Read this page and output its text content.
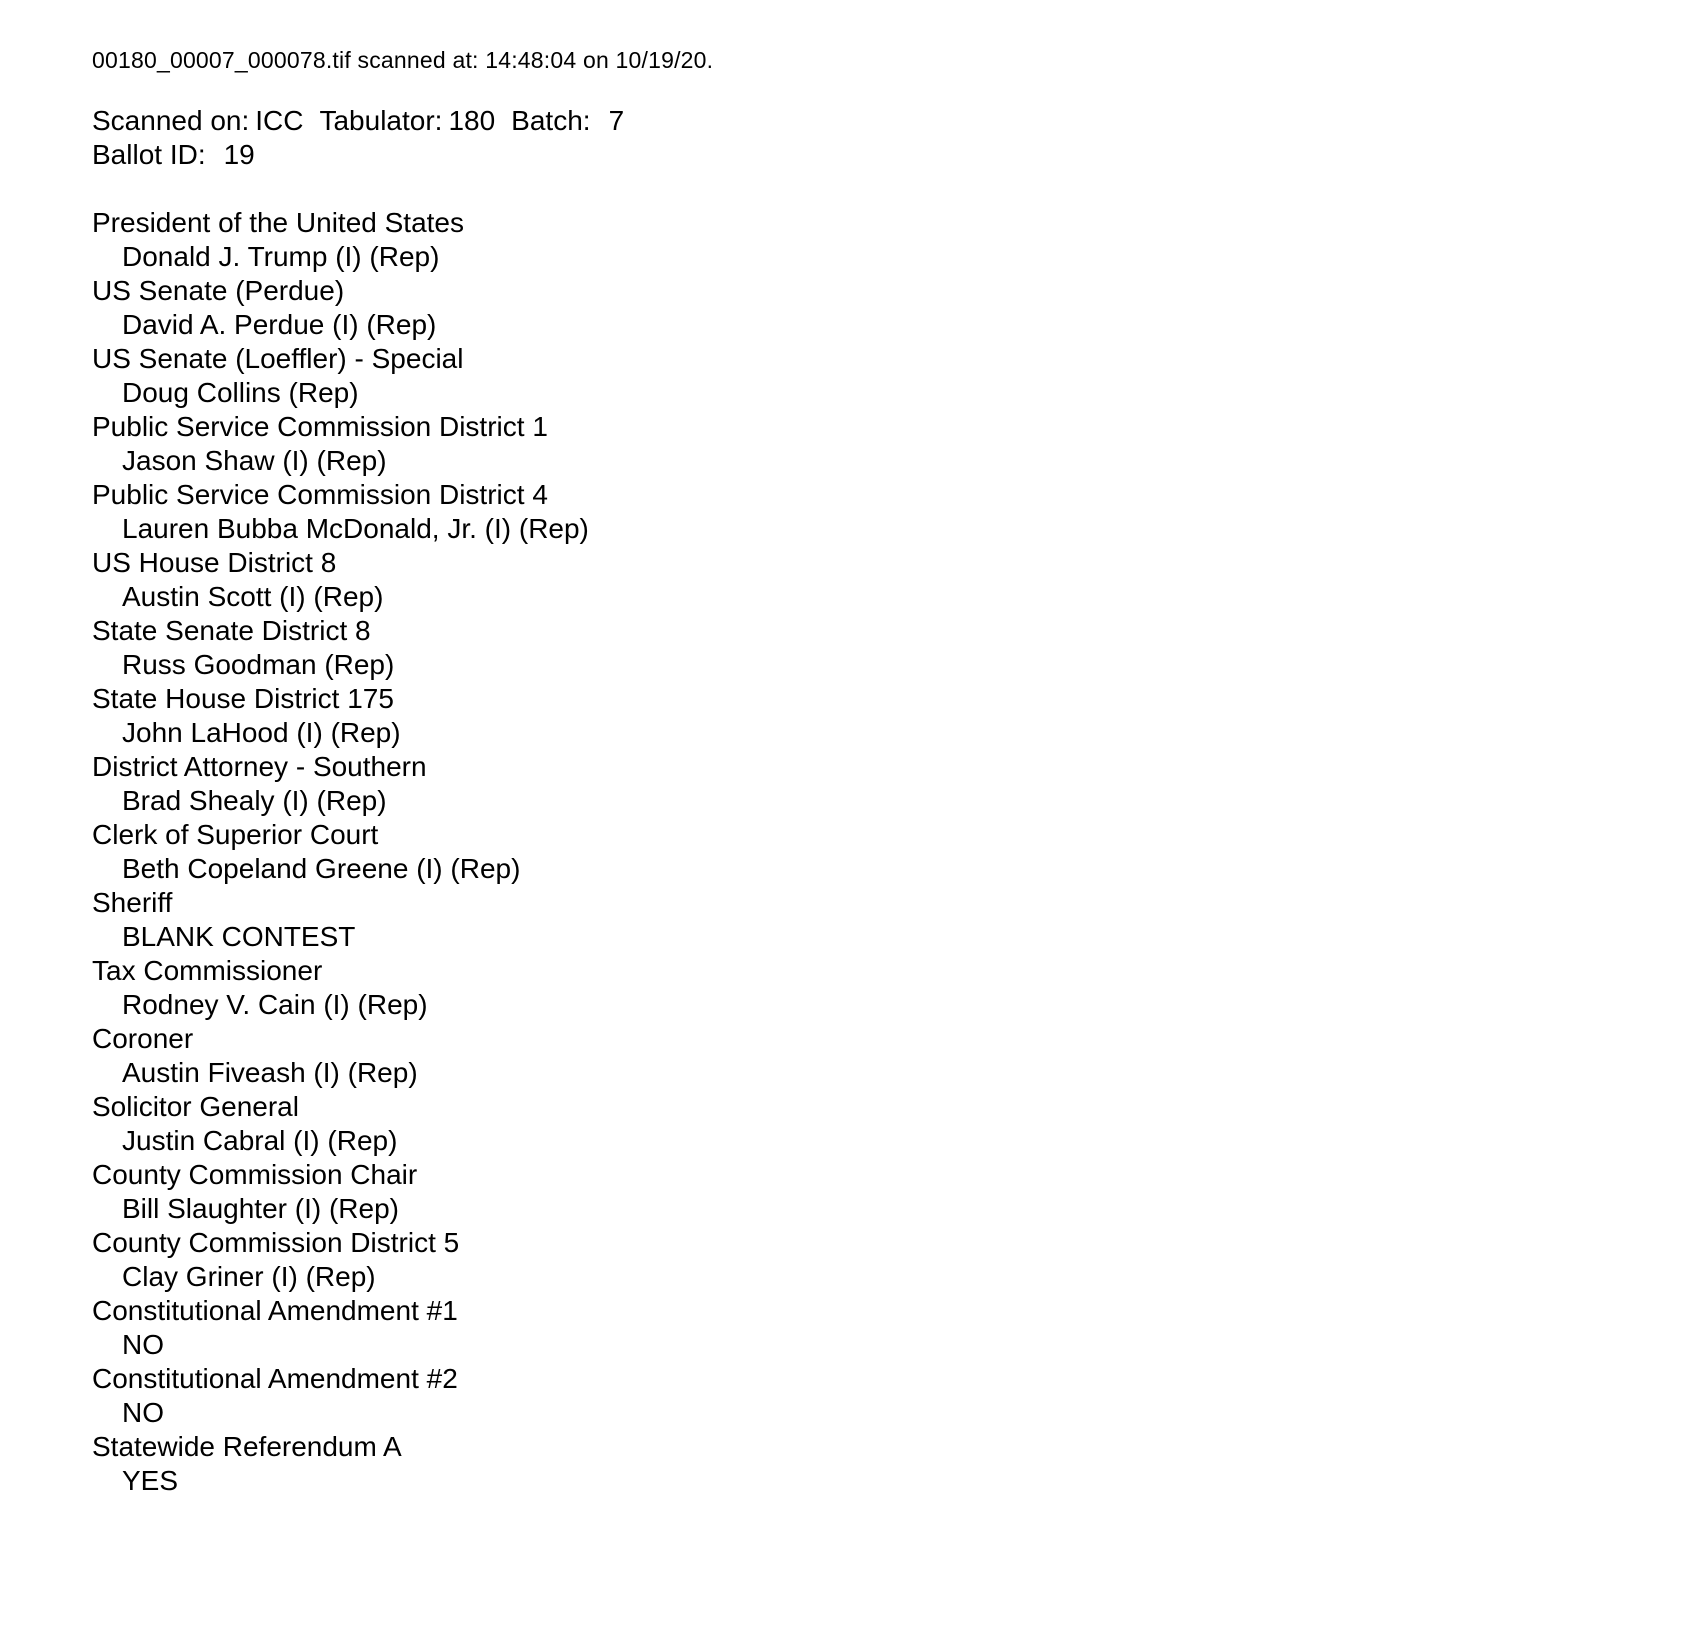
00180_00007_000078.tif scanned at: 14:48:04 on 10/19/20.
Scanned on: ICC Tabulator: 180 Batch: 7
Ballot ID: 19
President of the United States
Donald J. Trump (I) (Rep)
US Senate (Perdue)
David A. Perdue (I) (Rep)
US Senate (Loeffler) - Special
Doug Collins (Rep)
Public Service Commission District 1
Jason Shaw (I) (Rep)
Public Service Commission District 4
Lauren Bubba McDonald, Jr. (I) (Rep)
US House District 8
Austin Scott (I) (Rep)
State Senate District 8
Russ Goodman (Rep)
State House District 175
John LaHood (I) (Rep)
District Attorney - Southern
Brad Shealy (I) (Rep)
Clerk of Superior Court
Beth Copeland Greene (I) (Rep)
Sheriff
BLANK CONTEST
Tax Commissioner
Rodney V. Cain (I) (Rep)
Coroner
Austin Fiveash (I) (Rep)
Solicitor General
Justin Cabral (I) (Rep)
County Commission Chair
Bill Slaughter (I) (Rep)
County Commission District 5
Clay Griner (I) (Rep)
Constitutional Amendment #1
NO
Constitutional Amendment #2
NO
Statewide Referendum A
YES
